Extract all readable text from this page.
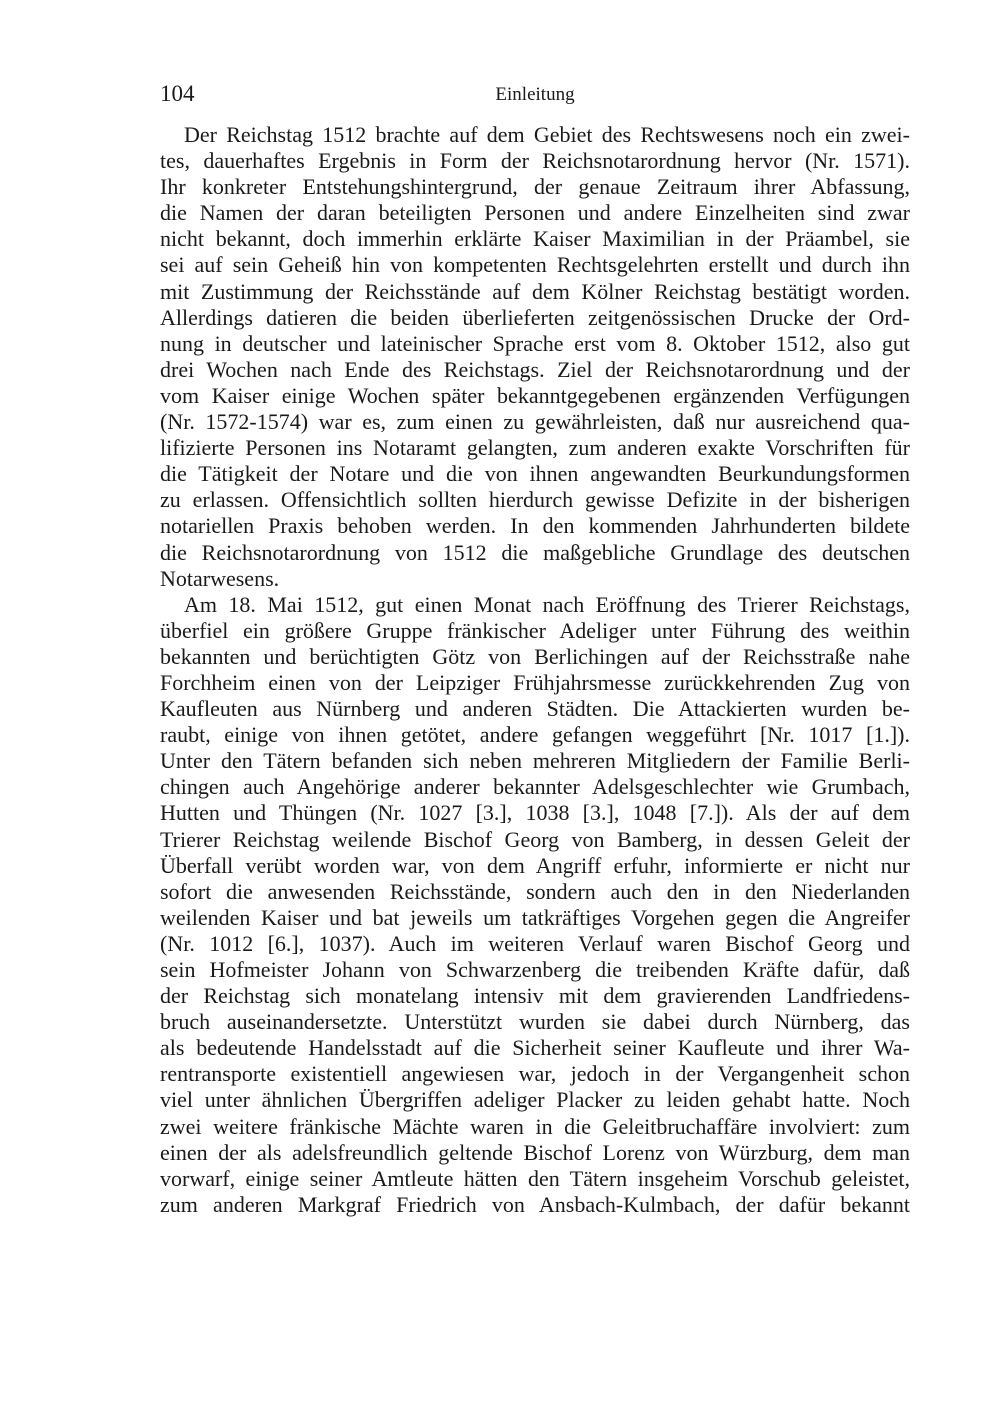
104	Einleitung
Der Reichstag 1512 brachte auf dem Gebiet des Rechtswesens noch ein zwei-
tes, dauerhaftes Ergebnis in Form der Reichsnotarordnung hervor (Nr. 1571).
Ihr konkreter Entstehungshintergrund, der genaue Zeitraum ihrer Abfassung,
die Namen der daran beteiligten Personen und andere Einzelheiten sind zwar
nicht bekannt, doch immerhin erklärte Kaiser Maximilian in der Präambel, sie
sei auf sein Geheiß hin von kompetenten Rechtsgelehrten erstellt und durch ihn
mit Zustimmung der Reichsstände auf dem Kölner Reichstag bestätigt worden.
Allerdings datieren die beiden überlieferten zeitgenössischen Drucke der Ord-
nung in deutscher und lateinischer Sprache erst vom 8. Oktober 1512, also gut
drei Wochen nach Ende des Reichstags. Ziel der Reichsnotarordnung und der
vom Kaiser einige Wochen später bekanntgegebenen ergänzenden Verfügungen
(Nr. 1572-1574) war es, zum einen zu gewährleisten, daß nur ausreichend qua-
lifizierte Personen ins Notaramt gelangten, zum anderen exakte Vorschriften für
die Tätigkeit der Notare und die von ihnen angewandten Beurkundungsformen
zu erlassen. Offensichtlich sollten hierdurch gewisse Defizite in der bisherigen
notariellen Praxis behoben werden. In den kommenden Jahrhunderten bildete
die Reichsnotarordnung von 1512 die maßgebliche Grundlage des deutschen
Notarwesens.
Am 18. Mai 1512, gut einen Monat nach Eröffnung des Trierer Reichstags,
überfiel ein größere Gruppe fränkischer Adeliger unter Führung des weithin
bekannten und berüchtigten Götz von Berlichingen auf der Reichsstraße nahe
Forchheim einen von der Leipziger Frühjahrsmesse zurückkehrenden Zug von
Kaufleuten aus Nürnberg und anderen Städten. Die Attackierten wurden be-
raubt, einige von ihnen getötet, andere gefangen weggeführt [Nr. 1017 [1.]).
Unter den Tätern befanden sich neben mehreren Mitgliedern der Familie Berli-
chingen auch Angehörige anderer bekannter Adelsgeschlechter wie Grumbach,
Hutten und Thüngen (Nr. 1027 [3.], 1038 [3.], 1048 [7.]). Als der auf dem
Trierer Reichstag weilende Bischof Georg von Bamberg, in dessen Geleit der
Überfall verübt worden war, von dem Angriff erfuhr, informierte er nicht nur
sofort die anwesenden Reichsstände, sondern auch den in den Niederlanden
weilenden Kaiser und bat jeweils um tatkräftiges Vorgehen gegen die Angreifer
(Nr. 1012 [6.], 1037). Auch im weiteren Verlauf waren Bischof Georg und
sein Hofmeister Johann von Schwarzenberg die treibenden Kräfte dafür, daß
der Reichstag sich monatelang intensiv mit dem gravierenden Landfriedens-
bruch auseinandersetzte. Unterstützt wurden sie dabei durch Nürnberg, das
als bedeutende Handelsstadt auf die Sicherheit seiner Kaufleute und ihrer Wa-
rentransporte existentiell angewiesen war, jedoch in der Vergangenheit schon
viel unter ähnlichen Übergriffen adeliger Placker zu leiden gehabt hatte. Noch
zwei weitere fränkische Mächte waren in die Geleitbruchaffäre involviert: zum
einen der als adelsfreundlich geltende Bischof Lorenz von Würzburg, dem man
vorwarf, einige seiner Amtleute hätten den Tätern insgeheim Vorschub geleistet,
zum anderen Markgraf Friedrich von Ansbach-Kulmbach, der dafür bekannt
